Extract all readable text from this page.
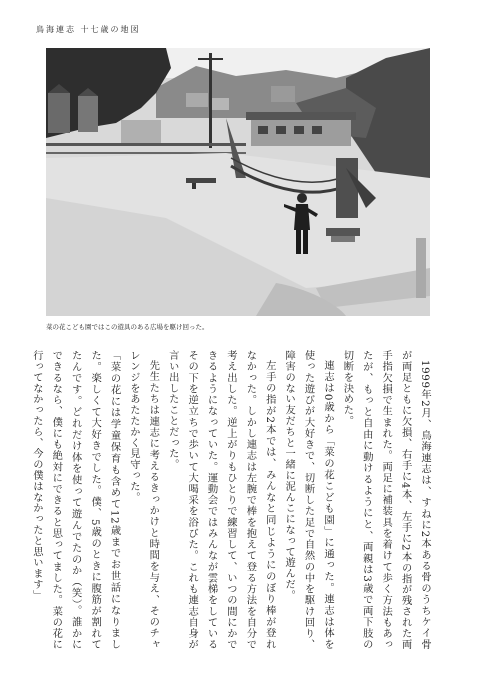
鳥海連志 十七歳の地図
菜の花こども園ではこの遊具のある広場を駆け回った。

1999年2月、鳥海連志は、すねに2本ある骨のうちケイ骨が両足ともに欠損、右手に4本、左手に2本の指が残された両手指欠損で生まれた。両足に補装具を着けて歩く方法もあったが、もっと自由に動けるようにと、両親は3歳で両下肢の切断を決めた。

連志は0歳から「菜の花こども園」に通った。連志は体を使った遊びが大好きで、切断した足で自然の中を駆け回り、障害のない友だちと一緒に泥んこになって遊んだ。

左手の指が2本では、みんなと同じようにのぼり棒が登れなかった。しかし連志は左腕で棒を抱えて登る方法を自分で考え出した。逆上がりもひとりで練習して、いつの間にかできるようになっていた。運動会ではみんなが雲梯をしているその下を逆立ちで歩いて大喝采を浴びた。これも連志自身が言い出したことだった。

先生たちは連志に考えるきっかけと時間を与え、そのチャレンジをあたたかく見守った。

「菜の花には学童保育も含めて12歳までお世話になりました。楽しくて大好きでした。僕、5歳のときに腹筋が割れてたんです。どれだけ体を使って遊んでたのか（笑）。誰かにできるなら、僕にも絶対にできると思ってました。菜の花に行ってなかったら、今の僕はなかったと思います」
